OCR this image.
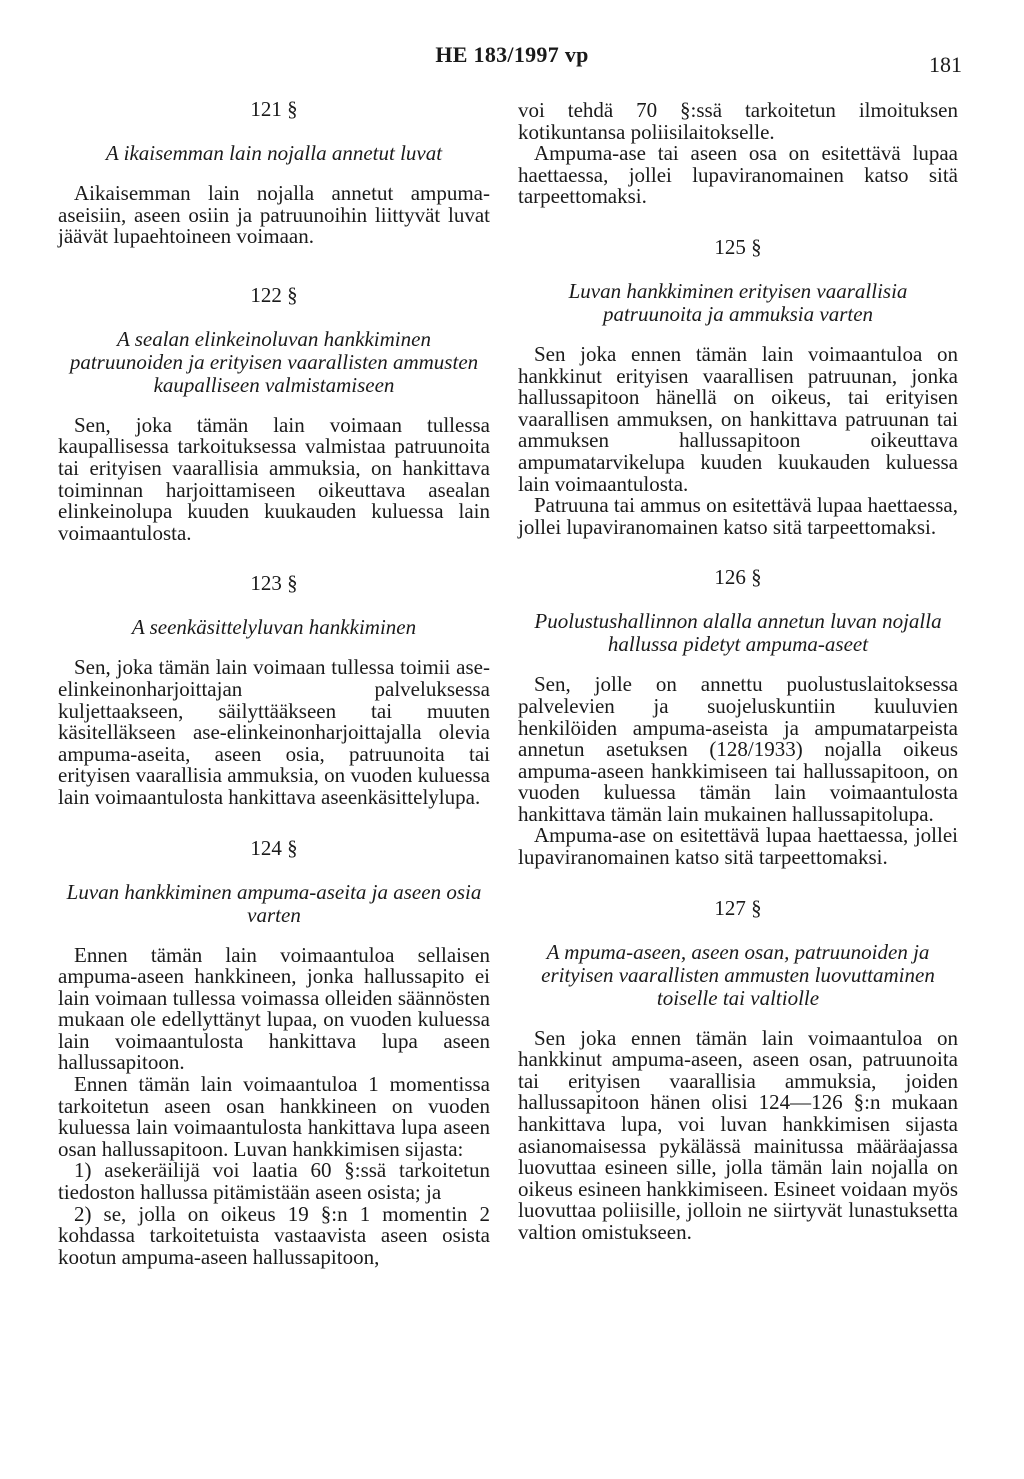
HE 183/1997 vp	181
121 §
A ikaisemman lain nojalla annetut luvat

Aikaisemman lain nojalla annetut ampuma-aseisiin, aseen osiin ja patruunoihin liittyvät luvat jäävät lupaehtoineen voimaan.

122 §
A sealan elinkeinoluvan hankkiminen patruunoiden ja erityisen vaarallisten ammusten kaupalliseen valmistamiseen

Sen, joka tämän lain voimaan tullessa kaupallisessa tarkoituksessa valmistaa patruunoita tai erityisen vaarallisia ammuksia, on hankittava toiminnan harjoittamiseen oikeuttava asealan elinkeinolupa kuuden kuukauden kuluessa lain voimaantulosta.

123 §
A seenkäsittelyluvan hankkiminen

Sen, joka tämän lain voimaan tullessa toimii ase-elinkeinonharjoittajan palveluksessa kuljettaakseen, säilyttääkseen tai muuten käsitelläkseen ase-elinkeinonharjoittajalla olevia ampuma-aseita, aseen osia, patruunoita tai erityisen vaarallisia ammuksia, on vuoden kuluessa lain voimaantulosta hankittava aseenkäsittelylupa.

124 §
Luvan hankkiminen ampuma-aseita ja aseen osia varten

Ennen tämän lain voimaantuloa sellaisen ampuma-aseen hankkineen, jonka hallussapito ei lain voimaan tullessa voimassa olleiden säännösten mukaan ole edellyttänyt lupaa, on vuoden kuluessa lain voimaantulosta hankittava lupa aseen hallussapitoon.

Ennen tämän lain voimaantuloa 1 momentissa tarkoitetun aseen osan hankkineen on vuoden kuluessa lain voimaantulosta hankittava lupa aseen osan hallussapitoon. Luvan hankkimisen sijasta:

1) asekeräilijä voi laatia 60 §:ssä tarkoitetun tiedoston hallussa pitämistään aseen osista; ja

2) se, jolla on oikeus 19 §:n 1 momentin 2 kohdassa tarkoitetuista vastaavista aseen osista kootun ampuma-aseen hallussapitoon,

voi tehdä 70 §:ssä tarkoitetun ilmoituksen kotikuntansa poliisilaitokselle.

Ampuma-ase tai aseen osa on esitettävä lupaa haettaessa, jollei lupaviranomainen katso sitä tarpeettomaksi.

125 §
Luvan hankkiminen erityisen vaarallisia patruunoita ja ammuksia varten

Sen joka ennen tämän lain voimaantuloa on hankkinut erityisen vaarallisen patruunan, jonka hallussapitoon hänellä on oikeus, tai erityisen vaarallisen ammuksen, on hankittava patruunan tai ammuksen hallussapitoon oikeuttava ampumatarvikelupa kuuden kuukauden kuluessa lain voimaantulosta.

Patruuna tai ammus on esitettävä lupaa haettaessa, jollei lupaviranomainen katso sitä tarpeettomaksi.

126 §
Puolustushallinnon alalla annetun luvan nojalla hallussa pidetyt ampuma-aseet

Sen, jolle on annettu puolustuslaitoksessa palvelevien ja suojeluskuntiin kuuluvien henkilöiden ampuma-aseista ja ampumatarpeista annetun asetuksen (128/1933) nojalla oikeus ampuma-aseen hankkimiseen tai hallussapitoon, on vuoden kuluessa tämän lain voimaantulosta hankittava tämän lain mukainen hallussapitolupa.

Ampuma-ase on esitettävä lupaa haettaessa, jollei lupaviranomainen katso sitä tarpeettomaksi.

127 §
A mpuma-aseen, aseen osan, patruunoiden ja erityisen vaarallisten ammusten luovuttaminen toiselle tai valtiolle

Sen joka ennen tämän lain voimaantuloa on hankkinut ampuma-aseen, aseen osan, patruunoita tai erityisen vaarallisia ammuksia, joiden hallussapitoon hänen olisi 124—126 §:n mukaan hankittava lupa, voi luvan hankkimisen sijasta asianomaisessa pykälässä mainitussa määräajassa luovuttaa esineen sille, jolla tämän lain nojalla on oikeus esineen hankkimiseen. Esineet voidaan myös luovuttaa poliisille, jolloin ne siirtyvät lunastuksetta valtion omistukseen.
